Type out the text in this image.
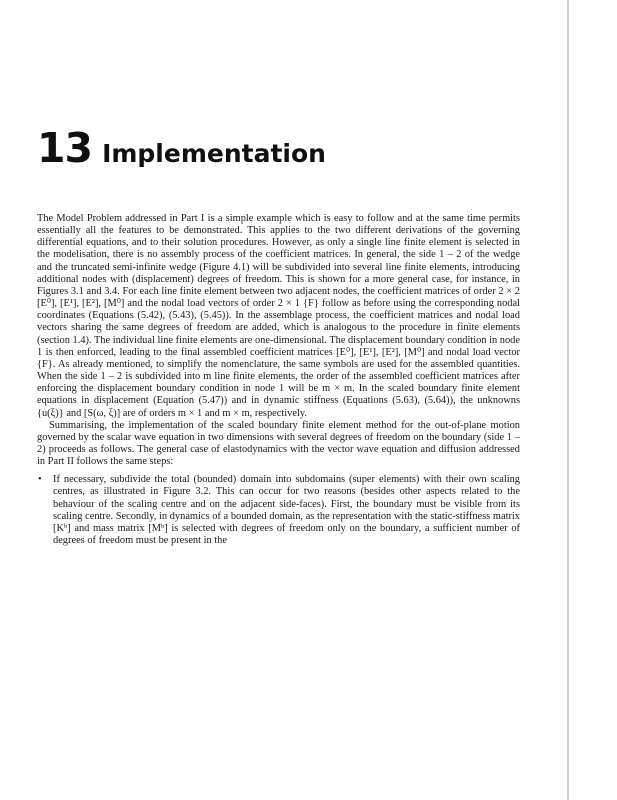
13 Implementation

The Model Problem addressed in Part I is a simple example which is easy to follow and at the same time permits essentially all the features to be demonstrated. This applies to the two different derivations of the governing differential equations, and to their solution procedures. However, as only a single line finite element is selected in the modelisation, there is no assembly process of the coefficient matrices. In general, the side 1 – 2 of the wedge and the truncated semi-infinite wedge (Figure 4.1) will be subdivided into several line finite elements, introducing additional nodes with (displacement) degrees of freedom. This is shown for a more general case, for instance, in Figures 3.1 and 3.4. For each line finite element between two adjacent nodes, the coefficient matrices of order 2 × 2 [E⁰], [E¹], [E²], [M⁰] and the nodal load vectors of order 2 × 1 {F} follow as before using the corresponding nodal coordinates (Equations (5.42), (5.43), (5.45)). In the assemblage process, the coefficient matrices and nodal load vectors sharing the same degrees of freedom are added, which is analogous to the procedure in finite elements (section 1.4). The individual line finite elements are one-dimensional. The displacement boundary condition in node 1 is then enforced, leading to the final assembled coefficient matrices [E⁰], [E¹], [E²], [M⁰] and nodal load vector {F}. As already mentioned, to simplify the nomenclature, the same symbols are used for the assembled quantities. When the side 1 – 2 is subdivided into m line finite elements, the order of the assembled coefficient matrices after enforcing the displacement boundary condition in node 1 will be m × m. In the scaled boundary finite element equations in displacement (Equation (5.47)) and in dynamic stiffness (Equations (5.63), (5.64)), the unknowns {u(ξ)} and [S(ω, ξ)] are of orders m × 1 and m × m, respectively.

Summarising, the implementation of the scaled boundary finite element method for the out-of-plane motion governed by the scalar wave equation in two dimensions with several degrees of freedom on the boundary (side 1 – 2) proceeds as follows. The general case of elastodynamics with the vector wave equation and diffusion addressed in Part II follows the same steps:

• If necessary, subdivide the total (bounded) domain into subdomains (super elements) with their own scaling centres, as illustrated in Figure 3.2. This can occur for two reasons (besides other aspects related to the behaviour of the scaling centre and on the adjacent side-faces). First, the boundary must be visible from its scaling centre. Secondly, in dynamics of a bounded domain, as the representation with the static-stiffness matrix [Kᵇ] and mass matrix [Mᵇ] is selected with degrees of freedom only on the boundary, a sufficient number of degrees of freedom must be present in the
